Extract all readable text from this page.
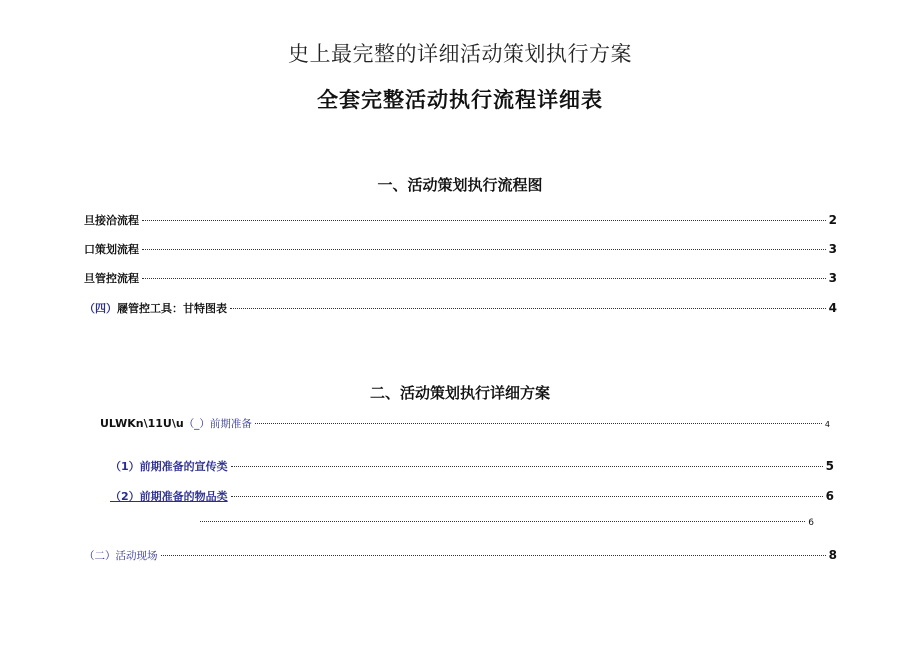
史上最完整的详细活动策划执行方案
全套完整活动执行流程详细表
一、活动策划执行流程图
旦接洽流程	2
口策划流程	3
旦管控流程	3
（四） 屦管控工具：甘特图表	4
二、活动策划执行详细方案
ULWKn\11U\u （_）前期准备	4
（1）前期准备的宣传类	5
（2）前期准备的物品类	6
6
（二）活动现场	8
